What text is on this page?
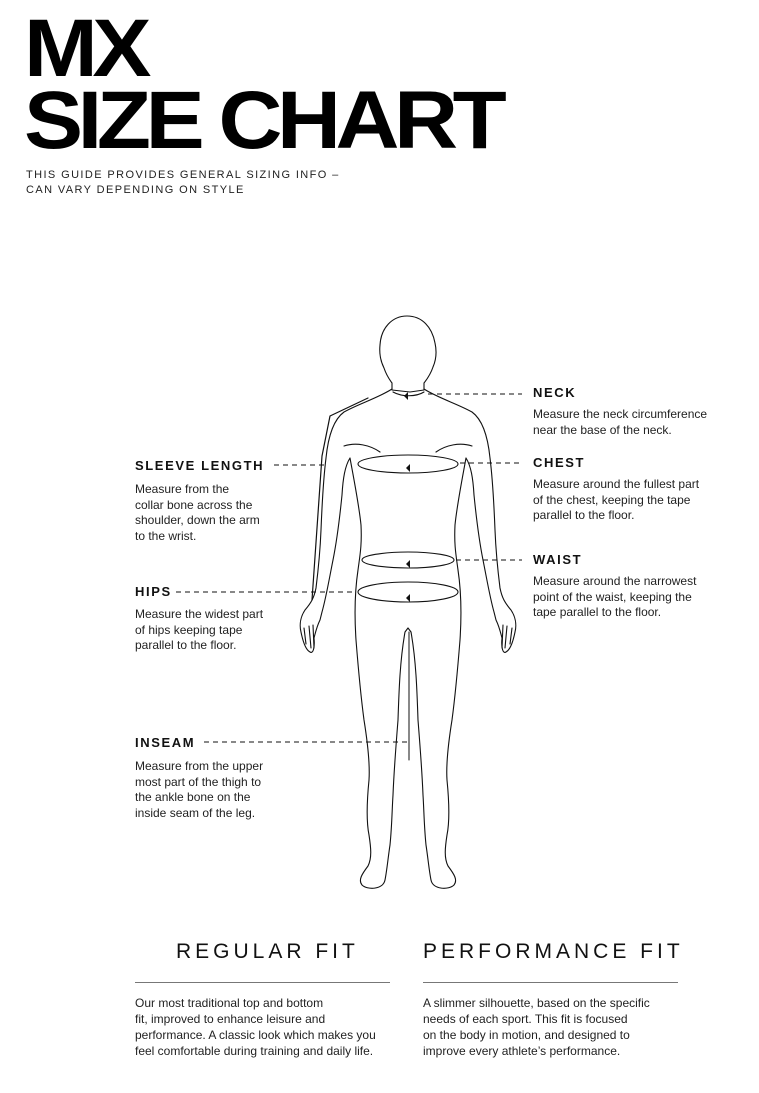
MX
SIZE CHART
THIS GUIDE PROVIDES GENERAL SIZING INFO –
CAN VARY DEPENDING ON STYLE
NECK
Measure the neck circumference
near the base of the neck.
CHEST
Measure around the fullest part
of the chest, keeping the tape
parallel to the floor.
WAIST
Measure around the narrowest
point of the waist, keeping the
tape parallel to the floor.
SLEEVE LENGTH
Measure from the
collar bone across the
shoulder, down the arm
to the wrist.
HIPS
Measure the widest part
of hips keeping tape
parallel to the floor.
INSEAM
Measure from the upper
most part of the thigh to
the ankle bone on the
inside seam of the leg.
REGULAR FIT
Our most traditional top and bottom
fit, improved to enhance leisure and
performance. A classic look which makes you
feel comfortable during training and daily life.
PERFORMANCE FIT
A slimmer silhouette, based on the specific
needs of each sport. This fit is focused
on the body in motion, and designed to
improve every athlete’s performance.
